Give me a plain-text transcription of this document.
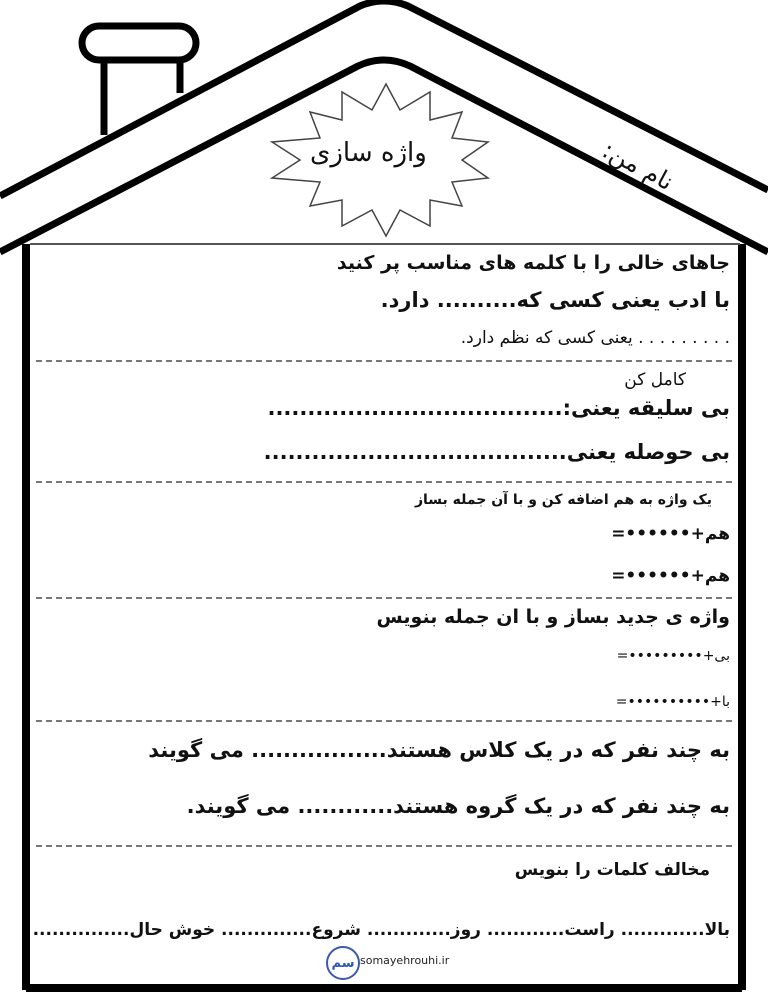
واژه سازی	نام من:
جاهای خالی را با کلمه های مناسب پر کنید
با ادب یعنی کسی که.......... دارد.
. . . . . . . . . یعنی کسی که نظم دارد.
کامل کن
بی سلیقه یعنی:.....................................
بی حوصله یعنی......................................
یک واژه به هم اضافه کن و با آن جمله بساز
هم+••••••=
هم+••••••=
واژه ی جدید بساز و با ان جمله بنویس
بی+•••••••••=
با+••••••••••=
به چند نفر که در یک کلاس هستند................. می گویند
به چند نفر که در یک گروه هستند............ می گویند.
مخالف کلمات را بنویس
بالا............. راست............ روز............. شروع.............. خوش حال...............
سم somayehrouhi.ir
